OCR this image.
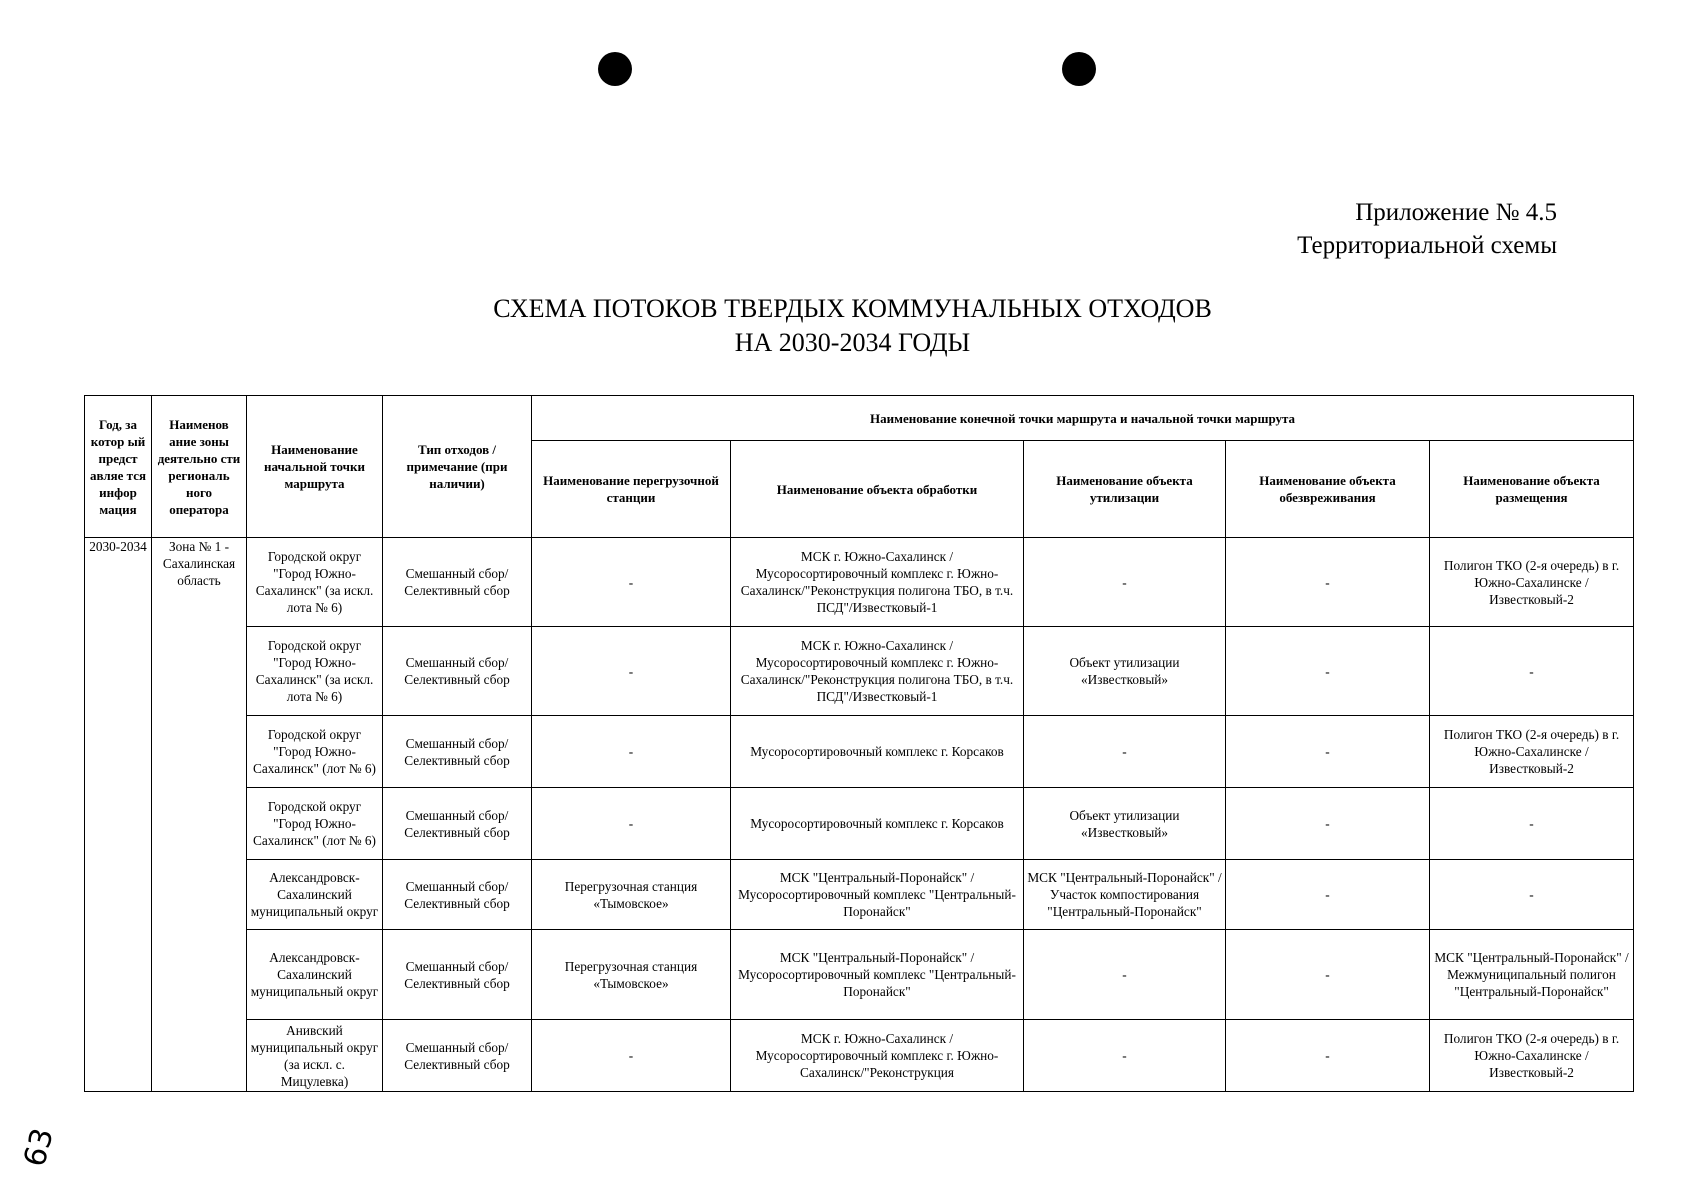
Приложение № 4.5
Территориальной схемы
СХЕМА ПОТОКОВ ТВЕРДЫХ КОММУНАЛЬНЫХ ОТХОДОВ
НА 2030-2034 ГОДЫ
63
Год, за котор ый предст авляе тся инфор мация	Наименов ание зоны деятельно сти региональ ного оператора	Наименование начальной точки маршрута	Тип отходов / примечание (при наличии)	Наименование конечной точки маршрута и начальной точки маршрута				
				Наименование перегрузочной станции	Наименование объекта обработки	Наименование объекта утилизации	Наименование объекта обезвреживания	Наименование объекта размещения
2030-2034	Зона № 1 - Сахалинская область	Городской округ "Город Южно-Сахалинск" (за искл. лота № 6)	Смешанный сбор/ Селективный сбор	-	МСК г. Южно-Сахалинск / Мусоросортировочный комплекс г. Южно-Сахалинск/"Реконструкция полигона ТБО, в т.ч. ПСД"/Известковый-1	-	-	Полигон ТКО (2-я очередь) в г. Южно-Сахалинске / Известковый-2
		Городской округ "Город Южно-Сахалинск" (за искл. лота № 6)	Смешанный сбор/ Селективный сбор	-	МСК г. Южно-Сахалинск / Мусоросортировочный комплекс г. Южно-Сахалинск/"Реконструкция полигона ТБО, в т.ч. ПСД"/Известковый-1	Объект утилизации «Известковый»	-	-
		Городской округ "Город Южно-Сахалинск" (лот № 6)	Смешанный сбор/ Селективный сбор	-	Мусоросортировочный комплекс г. Корсаков	-	-	Полигон ТКО (2-я очередь) в г. Южно-Сахалинске / Известковый-2
		Городской округ "Город Южно-Сахалинск" (лот № 6)	Смешанный сбор/ Селективный сбор	-	Мусоросортировочный комплекс г. Корсаков	Объект утилизации «Известковый»	-	-
		Александровск-Сахалинский муниципальный округ	Смешанный сбор/ Селективный сбор	Перегрузочная станция «Тымовское»	МСК "Центральный-Поронайск" / Мусоросортировочный комплекс "Центральный-Поронайск"	МСК "Центральный-Поронайск" / Участок компостирования "Центральный-Поронайск"	-	-
		Александровск-Сахалинский муниципальный округ	Смешанный сбор/ Селективный сбор	Перегрузочная станция «Тымовское»	МСК "Центральный-Поронайск" / Мусоросортировочный комплекс "Центральный-Поронайск"	-	-	МСК "Центральный-Поронайск" / Межмуниципальный полигон "Центральный-Поронайск"
		Анивский муниципальный округ (за искл. с. Мицулевка)	Смешанный сбор/ Селективный сбор	-	МСК г. Южно-Сахалинск / Мусоросортировочный комплекс г. Южно-Сахалинск/"Реконструкция	-	-	Полигон ТКО (2-я очередь) в г. Южно-Сахалинске / Известковый-2
